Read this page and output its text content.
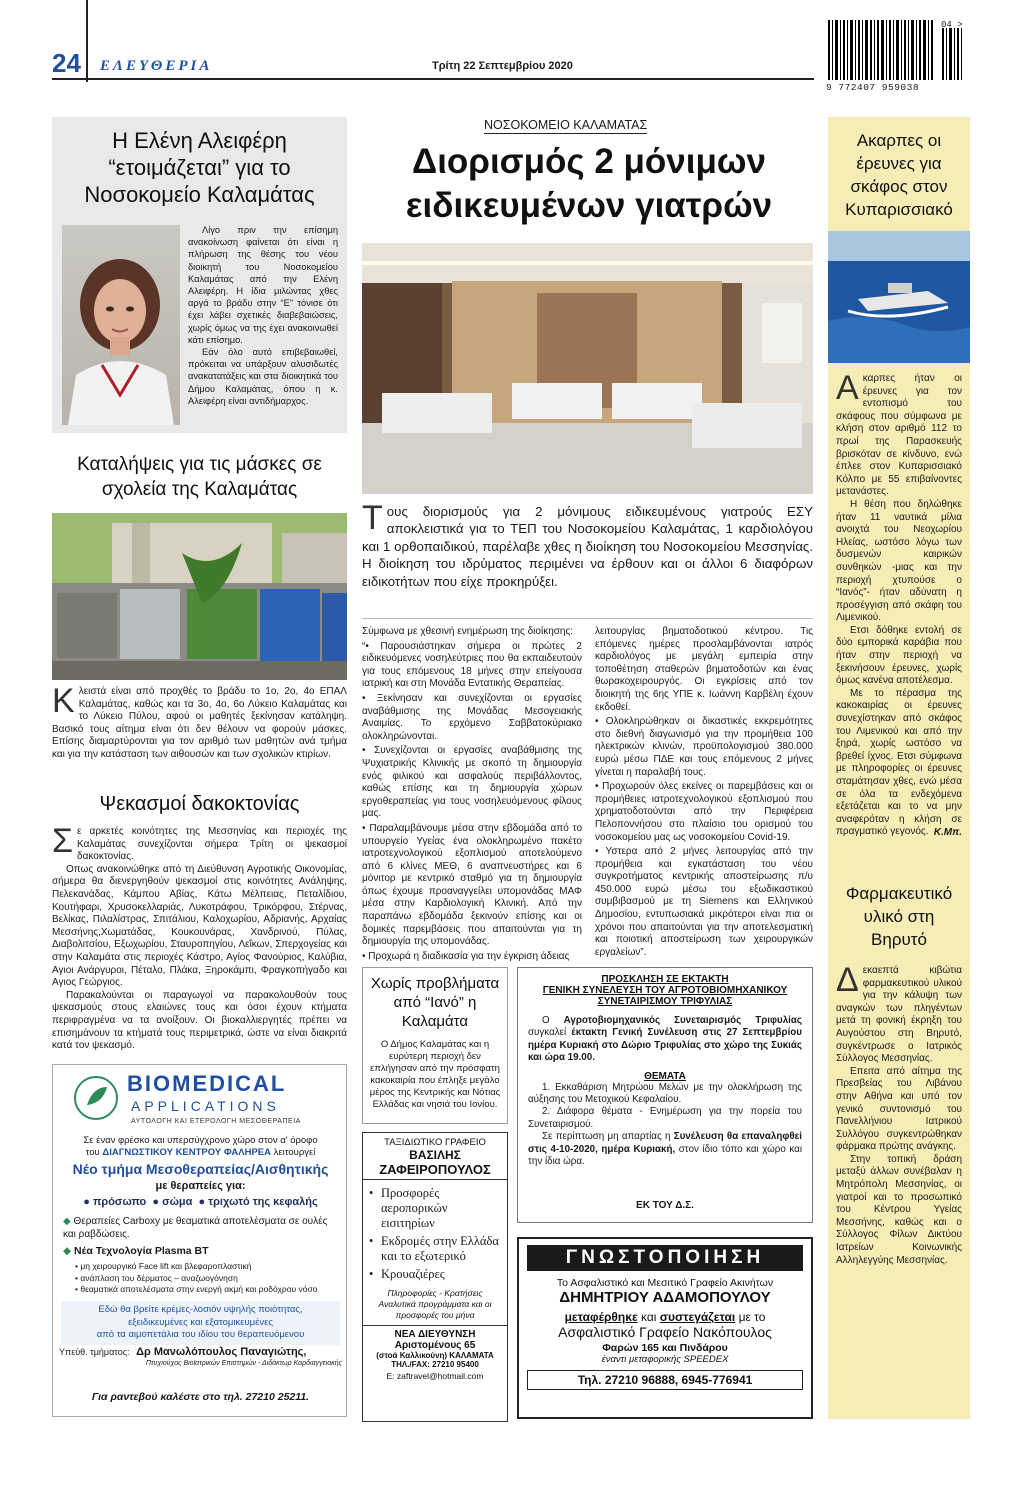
24 ΕΛΕΥΘΕΡΙΑ	Τρίτη 22 Σεπτεμβρίου 2020
9 772407 959038
04 >
Η Ελένη Αλειφέρη “ετοιμάζεται” για το Νοσοκομείο Καλαμάτας

Λίγο πριν την επίσημη ανακοίνωση φαίνεται ότι είναι η πλήρωση της θέσης του νέου διοικητή του Νοσοκομείου Καλαμάτας από την Ελένη Αλειφέρη. Η ίδια μιλώντας χθες αργά το βράδυ στην “Ε” τόνισε ότι έχει λάβει σχετικές διαβεβαιώσεις, χωρίς όμως να της έχει ανακοινωθεί κάτι επίσημο.

Εάν όλο αυτό επιβεβαιωθεί, πρόκειται να υπάρξουν αλυσιδωτές ανακατατάξεις και στα διοικητικά του Δήμου Καλαμάτας, όπου η κ. Αλειφέρη είναι αντιδήμαρχος.

Καταλήψεις για τις μάσκες σε σχολεία της Καλαμάτας

Κλειστά είναι από προχθές το βράδυ το 1ο, 2ο, 4ο ΕΠΑΛ Καλαμάτας, καθώς και τα 3ο, 4ο, 6ο Λύκειο Καλαμάτας και το Λύκειο Πύλου, αφού οι μαθητές ξεκίνησαν κατάληψη. Βασικό τους αίτημα είναι ότι δεν θέλουν να φορούν μάσκες. Επίσης διαμαρτύρονται για τον αριθμό των μαθητών ανά τμήμα και για την κατάσταση των αιθουσών και των σχολικών κτιρίων.

Ψεκασμοί δακοκτονίας

Σε αρκετές κοινότητες της Μεσσηνίας και περιοχές της Καλαμάτας συνεχίζονται σήμερα Τρίτη οι ψεκασμοί δακοκτονίας.

Οπως ανακοινώθηκε από τη Διεύθυνση Αγροτικής Οικονομίας, σήμερα θα διενεργηθούν ψεκασμοί στις κοινότητες Ανάληψης, Πελεκανάδας, Κάμπου Αβίας, Κάτω Μέλπειας, Πεταλίδιου, Κουτήφαρι, Χρυσοκελλαριάς, Λυκοτράφου, Τρικόρφου, Στέρνας, Βελίκας, Πιλαλίστρας, Σπιτάλιου, Καλοχωρίου, Αδριανής, Αρχαίας Μεσσήνης,Χωματάδας, Κουκουνάρας, Χανδρινού, Πύλας, Διαβολιτσίου, Εξωχωρίου, Σταυροπηγίου, Λεΐκων, Σπερχογείας και στην Καλαμάτα στις περιοχές Κάστρο, Αγίος Φανούριος, Καλύβια, Αγιοι Ανάργυροι, Πέταλο, Πλάκα, Ξηροκάμπι, Φραγκοπήγαδο και Αγιος Γεώργιος.

Παρακαλούνται οι παραγωγοί να παρακολουθούν τους ψεκασμούς στους ελαιώνες τους και όσοι έχουν κτήματα περιφραγμένα να τα ανοίξουν. Οι βιοκαλλιεργητές πρέπει να επισημάνουν τα κτήματά τους περιμετρικά, ώστε να είναι διακριτά κατά τον ψεκασμό.

BIOMEDICAL
APPLICATIONS
ΑΥΤΟΛΟΓΗ ΚΑΙ ΕΤΕΡΟΛΟΓΗ ΜΕΣΟΘΕΡΑΠΕΙΑ
Σε έναν φρέσκο και υπερσύγχρονο χώρο στον α' όροφο
του ΔΙΑΓΝΩΣΤΙΚΟΥ ΚΕΝΤΡΟΥ ΦΑΛΗΡΕΑ λειτουργεί
Νέο τμήμα Μεσοθεραπείας/Αισθητικής
με θεραπείες για:
● πρόσωπο  ● σώμα  ● τριχωτό της κεφαλής
◆ Θεραπείες Carboxy με θεαματικά αποτελέσματα σε ουλές και ραβδώσεις.
◆ Νέα Τεχνολογία Plasma BT
• μη χειρουργικό Face lift και βλεφαροπλαστική
• ανάπλαση του δέρματος – αναζωογόνηση
• θεαματικά αποτελέσματα στην ενεργή ακμή και ροδόχρου νόσο
Εδώ θα βρείτε κρέμες-λοσιόν υψηλής ποιότητας,
εξειδικευμένες και εξατομικευμένες
από τα αιμοπετάλια του ιδίου του θεραπευόμενου
Υπεύθ. τμήματος: Δρ Μανωλόπουλος Παναγιώτης,
Πτυχιούχος Βιοϊατρικών Επιστημών - Διδάκτωρ Καρδιαγγειακής
Για ραντεβού καλέστε στο τηλ. 27210 25211.
ΝΟΣΟΚΟΜΕΙΟ ΚΑΛΑΜΑΤΑΣ
Διορισμός 2 μόνιμων ειδικευμένων γιατρών

Τους διορισμούς για 2 μόνιμους ειδικευμένους γιατρούς ΕΣΥ αποκλειστικά για το ΤΕΠ του Νοσοκομείου Καλαμάτας, 1 καρδιολόγου και 1 ορθοπαιδικού, παρέλαβε χθες η διοίκηση του Νοσοκομείου Μεσσηνίας. Η διοίκηση του ιδρύματος περιμένει να έρθουν και οι άλλοι 6 διαφόρων ειδικοτήτων που είχε προκηρύξει.

Σύμφωνα με χθεσινή ενημέρωση της διοίκησης:

“• Παρουσιάστηκαν σήμερα οι πρώτες 2 ειδικευόμενες νοσηλεύτριες που θα εκπαιδευτούν για τους επόμενους 18 μήνες στην επείγουσα ιατρική και στη Μονάδα Εντατικής Θεραπείας.

• Ξεκίνησαν και συνεχίζονται οι εργασίες αναβάθμισης της Μονάδας Μεσογειακής Αναιμίας. Το ερχόμενο Σαββατοκύριακο ολοκληρώνονται.

• Συνεχίζονται οι εργασίες αναβάθμισης της Ψυχιατρικής Κλινικής με σκοπό τη δημιουργία ενός φιλικού και ασφαλούς περιβάλλοντος, καθώς επίσης και τη δημιουργία χώρων εργοθεραπείας για τους νοσηλευόμενους φίλους μας.

• Παραλαμβάνουμε μέσα στην εβδομάδα από το υπουργείο Υγείας ένα ολοκληρωμένο πακέτο ιατροτεχνολογικού εξοπλισμού αποτελούμενο από 6 κλίνες ΜΕΘ, 6 αναπνευστήρες και 6 μόνιτορ με κεντρικό σταθμό για τη δημιουργία όπως έχουμε προαναγγείλει υπομονάδας ΜΑΦ μέσα στην Καρδιολογική Κλινική. Από την παραπάνω εβδομάδα ξεκινούν επίσης και οι δομικές παρεμβάσεις που απαιτούνται για τη δημιουργία της υπομονάδας.

• Προχωρά η διαδικασία για την έγκριση άδειας

λειτουργίας βηματοδοτικού κέντρου. Τις επόμενες ημέρες προσλαμβάνονται ιατρός καρδιολόγος με μεγάλη εμπειρία στην τοποθέτηση σταθερών βηματοδοτών και ένας θωρακοχειρουργός. Οι εγκρίσεις από τον διοικητή της 6ης ΥΠΕ κ. Ιωάννη Καρβέλη έχουν εκδοθεί.

• Ολοκληρώθηκαν οι δικαστικές εκκρεμότητες στο διεθνή διαγωνισμό για την προμήθεια 100 ηλεκτρικών κλινών, προϋπολογισμού 380.000 ευρώ μέσω ΠΔΕ και τους επόμενους 2 μήνες γίνεται η παραλαβή τους.

• Προχωρούν όλες εκείνες οι παρεμβάσεις και οι προμήθειες ιατροτεχνολογικού εξοπλισμού που χρηματοδοτούνται από την Περιφέρεια Πελοποννήσου στο πλαίσιο του ορισμού του νοσοκομείου μας ως νοσοκομείου Covid-19.

• Υστερα από 2 μήνες λειτουργίας από την προμήθεια και εγκατάσταση του νέου συγκροτήματος κεντρικής αποστείρωσης π/υ 450.000 ευρώ μέσω του εξωδικαστικού συμβιβασμού με τη Siemens και Ελληνικού Δημοσίου, εντυπωσιακά μικρότεροι είναι πια οι χρόνοι που απαιτούνται για την αποτελεσματική και ποιοτική αποστείρωση των χειρουργικών εργαλείων”.

Χωρίς προβλήματα από “Ιανό” η Καλαμάτα

Ο Δήμος Καλαμάτας και η ευρύτερη περιοχή δεν επλήγησαν από την πρόσφατη κακοκαιρία που έπληξε μεγάλο μέρος της Κεντρικής και Νότιας Ελλάδας και νησιά του Ιονίου.

ΤΑΞΙΔΙΩΤΙΚΟ ΓΡΑΦΕΙΟ
ΒΑΣΙΛΗΣ
ΖΑΦΕΙΡΟΠΟΥΛΟΣ
• Προσφορές αεροπορικών εισιτηρίων
• Εκδρομές στην Ελλάδα και το εξωτερικό
• Κρουαζιέρες
Πληροφορίες - Κρατήσεις Αναλυτικά προγράμματα και οι προσφορές του μήνα
ΝΕΑ ΔΙΕΥΘΥΝΣΗ
Αριστομένους 65
(στοά Καλλικούνη) ΚΑΛΑΜΑΤΑ
ΤΗΛ./FAX: 27210 95400
E: zaftravel@hotmail.com
ΠΡΟΣΚΛΗΣΗ ΣΕ ΕΚΤΑΚΤΗ
ΓΕΝΙΚΗ ΣΥΝΕΛΕΥΣΗ ΤΟΥ ΑΓΡΟΤΟΒΙΟΜΗΧΑΝΙΚΟΥ
ΣΥΝΕΤΑΙΡΙΣΜΟΥ ΤΡΙΦΥΛΙΑΣ

Ο Αγροτοβιομηχανικός Συνεταιρισμός Τριφυλίας συγκαλεί έκτακτη Γενική Συνέλευση στις 27 Σεπτεμβρίου ημέρα Κυριακή στο Δώριο Τριφυλίας στο χώρο της Συκιάς και ώρα 19.00.

ΘΕΜΑΤΑ

1. Εκκαθάριση Μητρώου Μελών με την ολοκλήρωση της αύξησης του Μετοχικού Κεφαλαίου.

2. Διάφορα θέματα - Ενημέρωση για την πορεία του Συνεταιρισμού.

Σε περίπτωση μη απαρτίας η Συνέλευση θα επαναληφθεί στις 4-10-2020, ημέρα Κυριακή, στον ίδιο τόπο και χώρο και την ίδια ώρα.

ΕΚ ΤΟΥ Δ.Σ.
ΓΝΩΣΤΟΠΟΙΗΣΗ
Το Ασφαλιστικό και Μεσιτικό Γραφείο Ακινήτων
ΔΗΜΗΤΡΙΟΥ ΑΔΑΜΟΠΟΥΛΟΥ
μεταφέρθηκε και συστεγάζεται με το
Ασφαλιστικό Γραφείο Νακόπουλος
Φαρών 165 και Πινδάρου
έναντι μεταφορικής SPEEDEX
Τηλ. 27210 96888, 6945-776941
Ακαρπες οι έρευνες για σκάφος στον Κυπαρισσιακό

Ακαρπες ήταν οι έρευνες για τον εντοπισμό του σκάφους που σύμφωνα με κλήση στον αριθμό 112 το πρωί της Παρασκευής βρισκόταν σε κίνδυνο, ενώ έπλεε στον Κυπαρισσιακό Κόλπο με 55 επιβαίνοντες μετανάστες.

Η θέση που δηλώθηκε ήταν 11 ναυτικά μίλια ανοιχτά του Νεοχωρίου Ηλείας, ωστόσο λόγω των δυσμενών καιρικών συνθηκών -μιας και την περιοχή χτυπούσε ο “Ιανός”- ήταν αδύνατη η προσέγγιση από σκάφη του Λιμενικού.

Ετσι δόθηκε εντολή σε δύο εμπορικά καράβια που ήταν στην περιοχή να ξεκινήσουν έρευνες, χωρίς όμως κανένα αποτέλεσμα.

Με το πέρασμα της κακοκαιρίας οι έρευνες συνεχίστηκαν από σκάφος του Λιμενικού και από την ξηρά, χωρίς ωστόσο να βρεθεί ίχνος. Ετσι σύμφωνα με πληροφορίες οι έρευνες σταμάτησαν χθες, ενώ μέσα σε όλα τα ενδεχόμενα εξετάζεται και το να μην αναφερόταν η κλήση σε πραγματικό γεγονός. Κ.Μπ.
Φαρμακευτικό υλικό στη Βηρυτό

Δεκαεπτά κιβώτια φαρμακευτικού υλικού για την κάλυψη των αναγκών των πληγέντων μετά τη φονική έκρηξη του Αυγούστου στη Βηρυτό, συγκέντρωσε ο Ιατρικός Σύλλογος Μεσσηνίας.

Επειτα από αίτημα της Πρεσβείας του Λιβάνου στην Αθήνα και υπό τον γενικό συντονισμό του Πανελλήνιου Ιατρικού Συλλόγου συγκεντρώθηκαν φάρμακα πρώτης ανάγκης.

Στην τοπική δράση μεταξύ άλλων συνέβαλαν η Μητρόπολη Μεσσηνίας, οι γιατροί και το προσωπικό του Κέντρου Υγείας Μεσσήνης, καθώς και ο Σύλλογος Φίλων Δικτύου Ιατρείων Κοινωνικής Αλληλεγγύης Μεσσηνίας.
